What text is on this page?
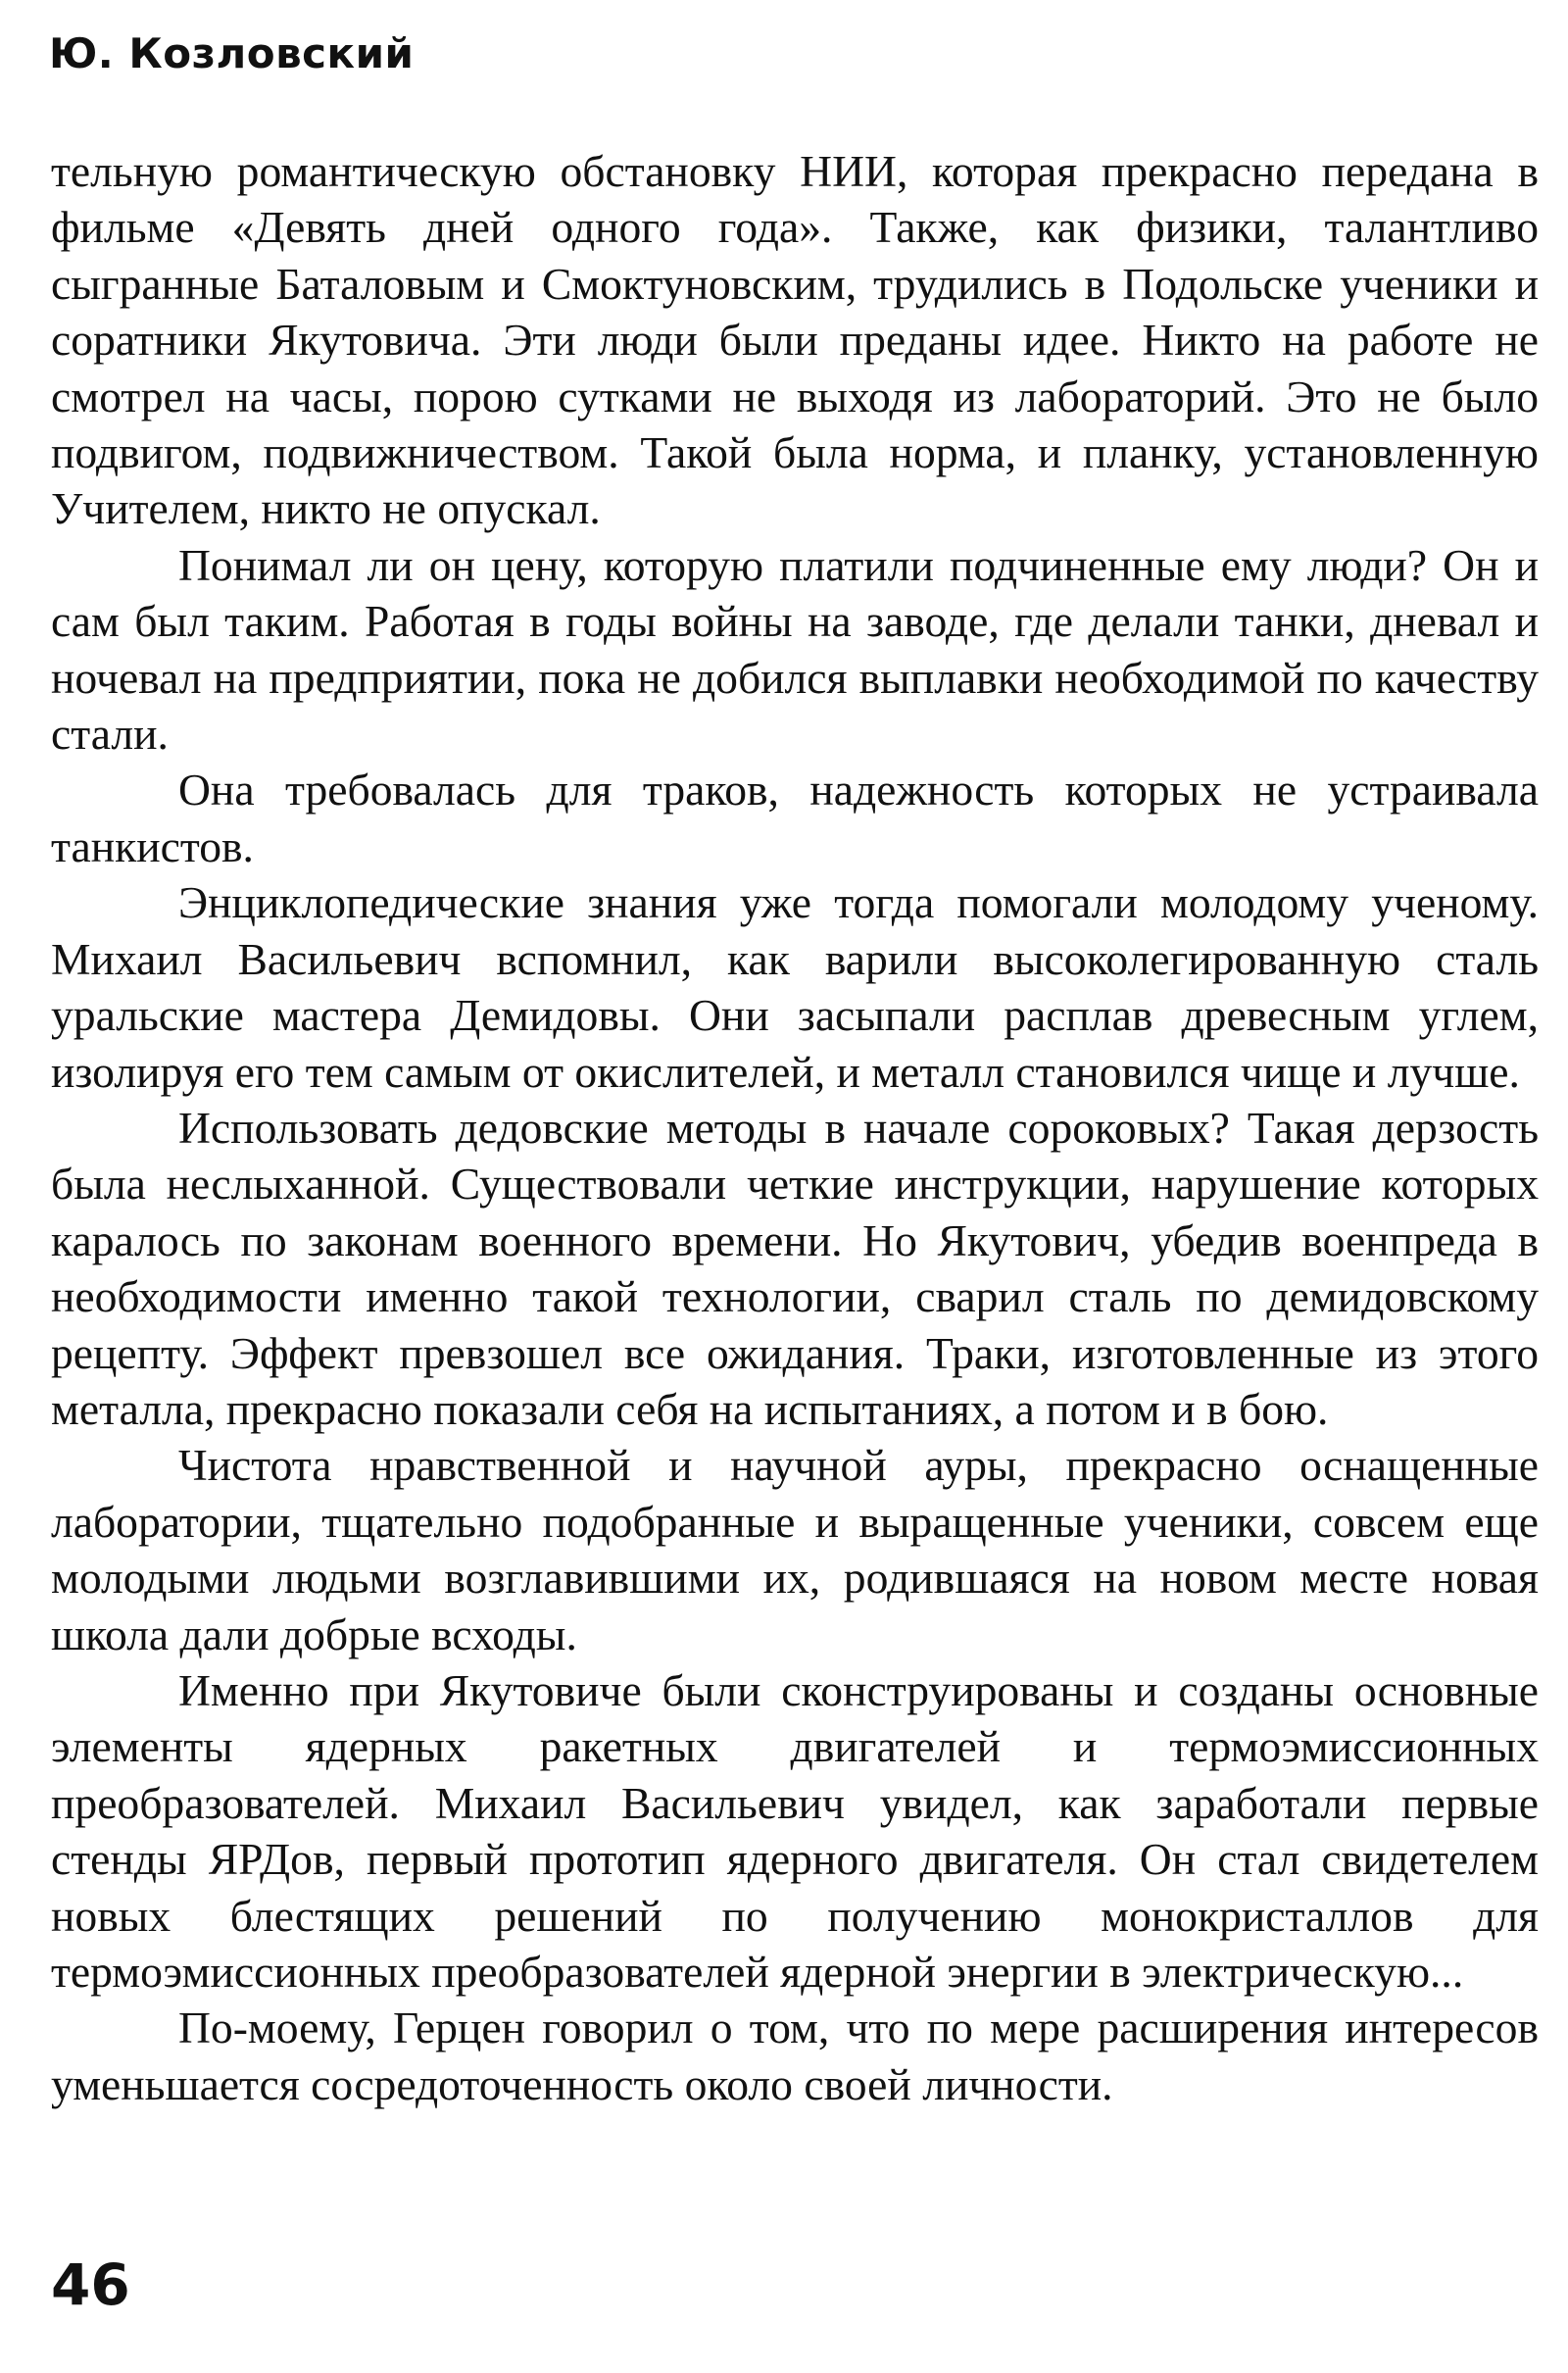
Ю. Козловский

тельную романтическую обстановку НИИ, которая прекрасно передана в фильме «Девять дней одного года». Также, как физики, талантливо сыгранные Баталовым и Смоктуновским, трудились в Подольске ученики и соратники Якутовича. Эти люди были преданы идее. Никто на работе не смотрел на часы, порою сутками не выходя из лабораторий. Это не было подвигом, подвижничеством. Такой была норма, и планку, установленную Учителем, никто не опускал.

Понимал ли он цену, которую платили подчиненные ему люди? Он и сам был таким. Работая в годы войны на заводе, где делали танки, дневал и ночевал на предприятии, пока не добился выплавки необходимой по качеству стали.

Она требовалась для траков, надежность которых не устраивала танкистов.

Энциклопедические знания уже тогда помогали молодому ученому. Михаил Васильевич вспомнил, как варили высоколегированную сталь уральские мастера Демидовы. Они засыпали расплав древесным углем, изолируя его тем самым от окислителей, и металл становился чище и лучше.

Использовать дедовские методы в начале сороковых? Такая дерзость была неслыханной. Существовали четкие инструкции, нарушение которых каралось по законам военного времени. Но Якутович, убедив военпреда в необходимости именно такой технологии, сварил сталь по демидовскому рецепту. Эффект превзошел все ожидания. Траки, изготовленные из этого металла, прекрасно показали себя на испытаниях, а потом и в бою.

Чистота нравственной и научной ауры, прекрасно оснащенные лаборатории, тщательно подобранные и выращенные ученики, совсем еще молодыми людьми возглавившими их, родившаяся на новом месте новая школа дали добрые всходы.

Именно при Якутовиче были сконструированы и созданы основные элементы ядерных ракетных двигателей и термоэмиссионных преобразователей. Михаил Васильевич увидел, как заработали первые стенды ЯРДов, первый прототип ядерного двигателя. Он стал свидетелем новых блестящих решений по получению монокристаллов для термоэмиссионных преобразователей ядерной энергии в электрическую...

По-моему, Герцен говорил о том, что по мере расширения интересов уменьшается сосредоточенность около своей личности.

46
